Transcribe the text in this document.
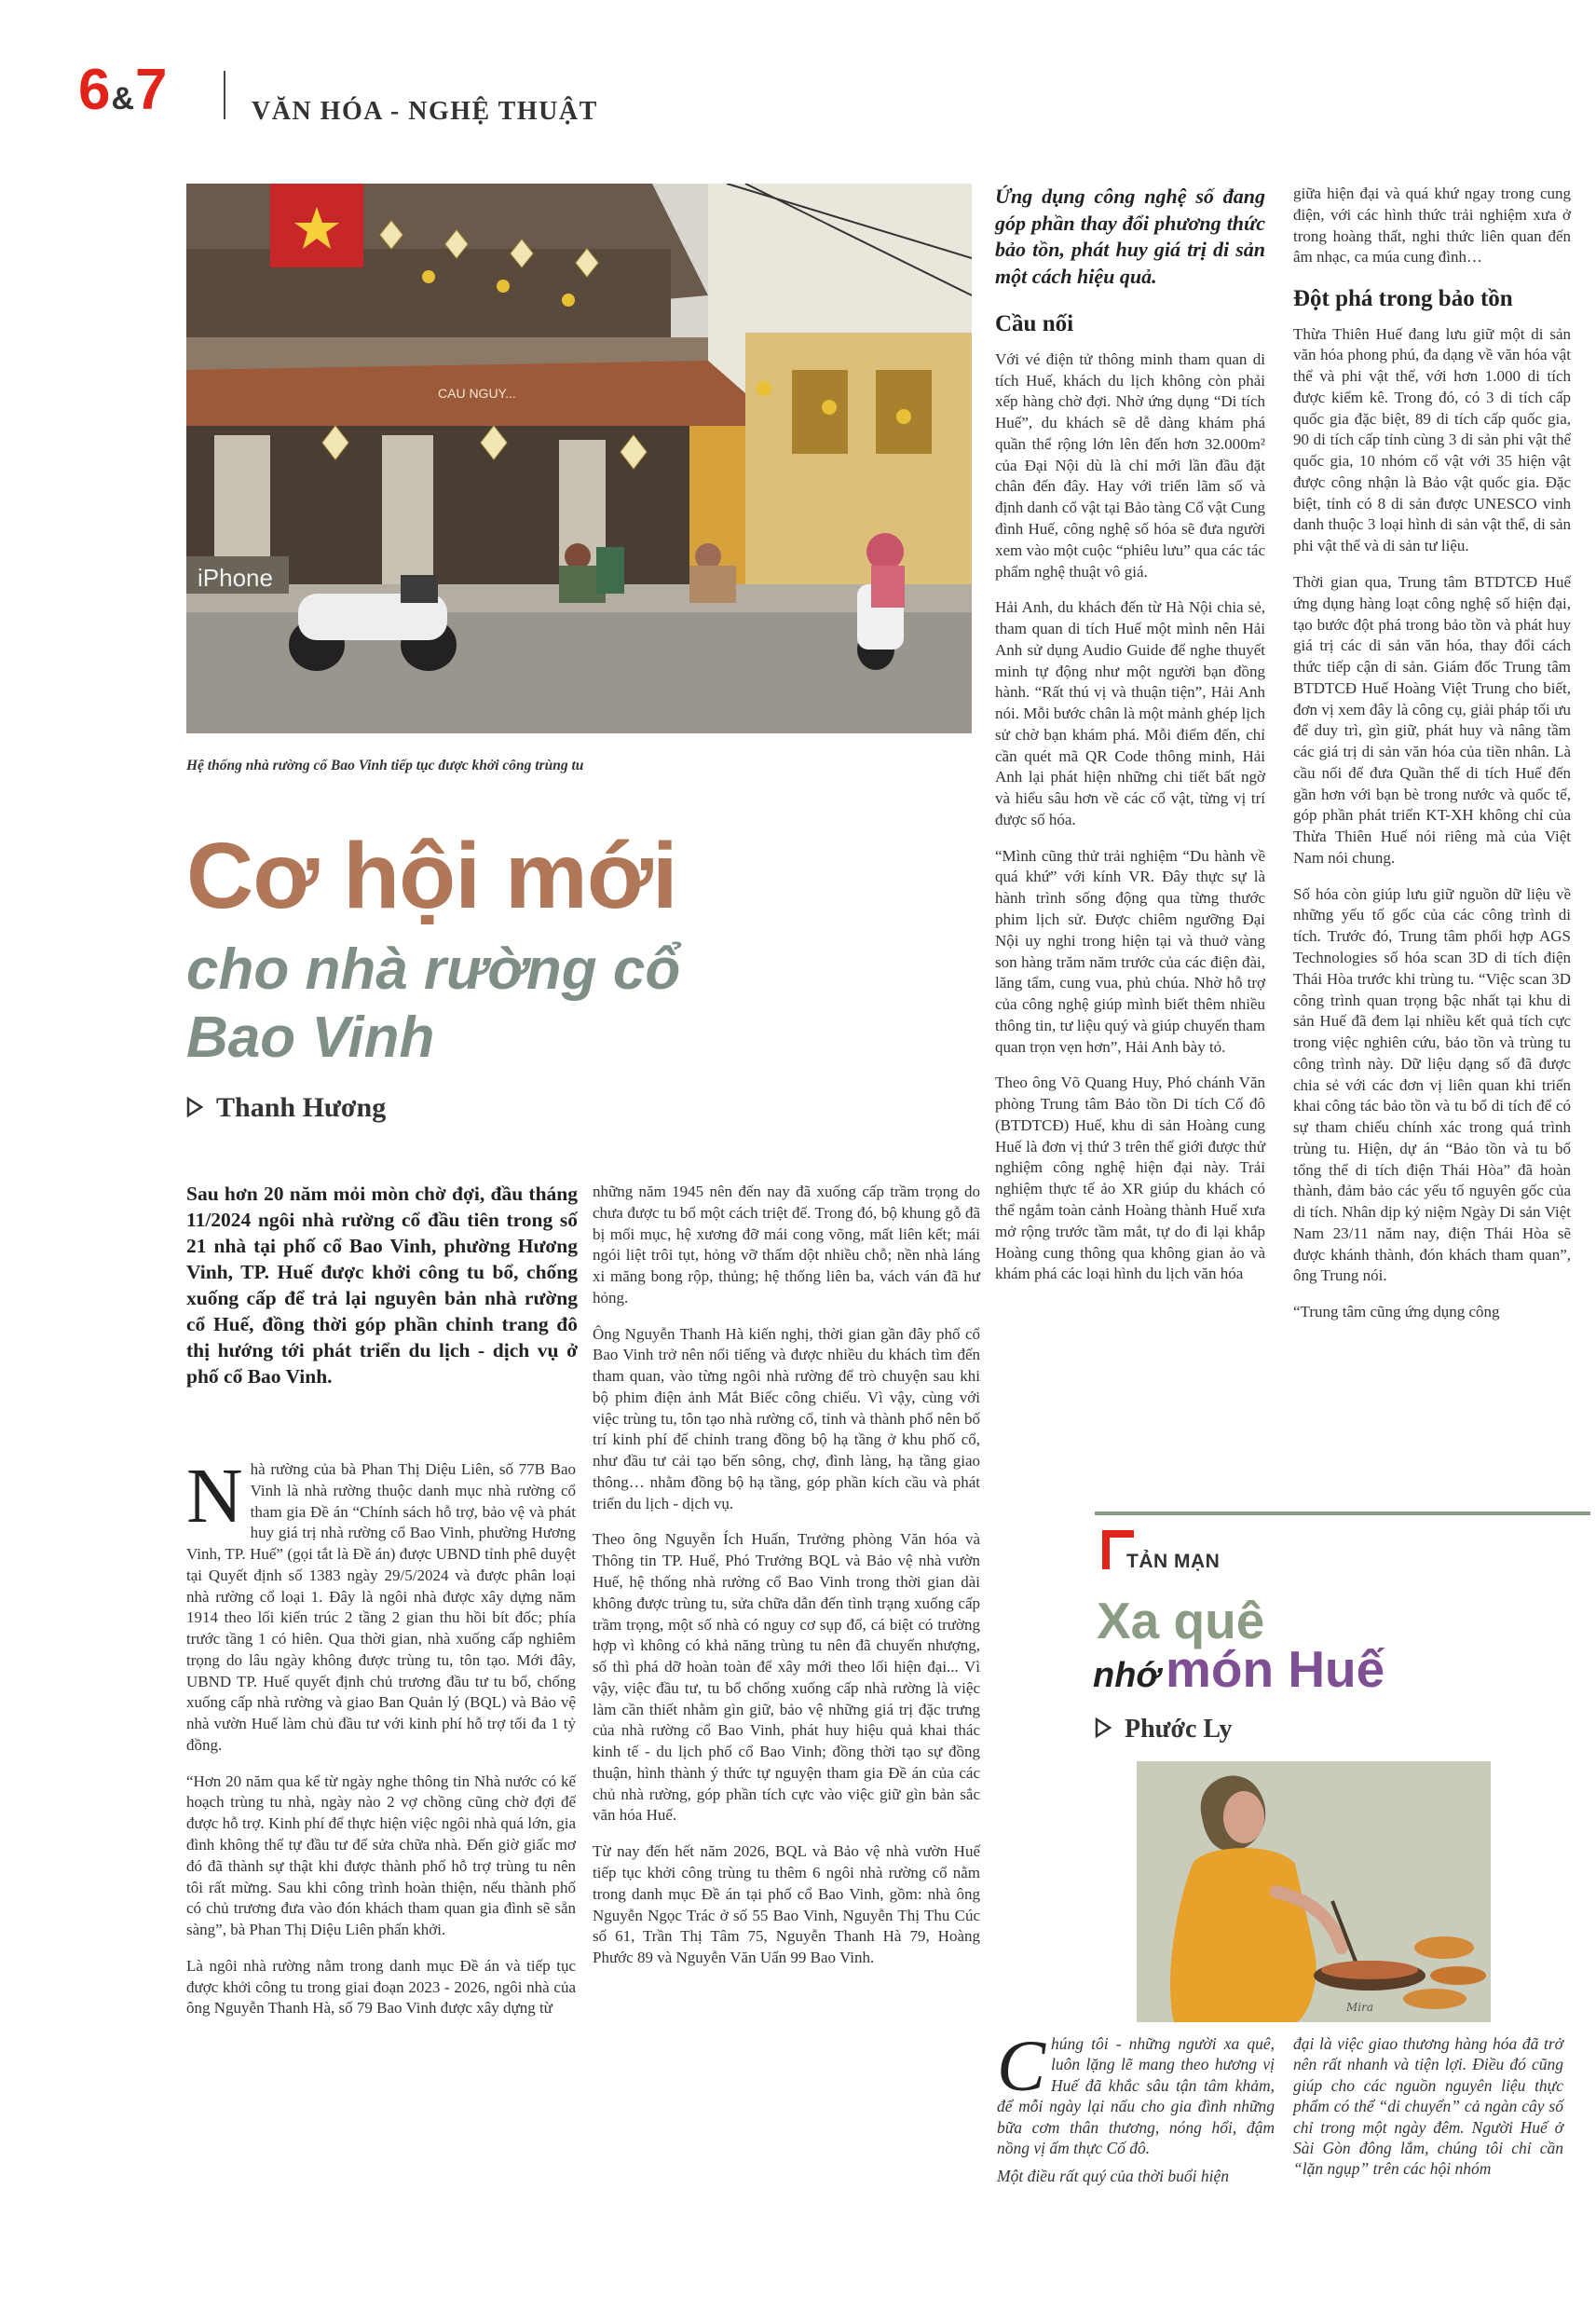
6&7	VĂN HÓA - NGHỆ THUẬT
iPhone
CAU NGUY...
Hệ thống nhà rường cổ Bao Vinh tiếp tục được khởi công trùng tu
Cơ hội mới
cho nhà rường cổ
Bao Vinh
Thanh Hương
Sau hơn 20 năm mỏi mòn chờ đợi, đầu tháng 11/2024 ngôi nhà rường cổ đầu tiên trong số 21 nhà tại phố cổ Bao Vinh, phường Hương Vinh, TP. Huế được khởi công tu bổ, chống xuống cấp để trả lại nguyên bản nhà rường cổ Huế, đồng thời góp phần chỉnh trang đô thị hướng tới phát triển du lịch - dịch vụ ở phố cổ Bao Vinh.

Nhà rường của bà Phan Thị Diệu Liên, số 77B Bao Vinh là nhà rường thuộc danh mục nhà rường cổ tham gia Đề án “Chính sách hỗ trợ, bảo vệ và phát huy giá trị nhà rường cổ Bao Vinh, phường Hương Vinh, TP. Huế” (gọi tắt là Đề án) được UBND tỉnh phê duyệt tại Quyết định số 1383 ngày 29/5/2024 và được phân loại nhà rường cổ loại 1. Đây là ngôi nhà được xây dựng năm 1914 theo lối kiến trúc 2 tầng 2 gian thu hồi bít đốc; phía trước tầng 1 có hiên. Qua thời gian, nhà xuống cấp nghiêm trọng do lâu ngày không được trùng tu, tôn tạo. Mới đây, UBND TP. Huế quyết định chủ trương đầu tư tu bổ, chống xuống cấp nhà rường và giao Ban Quản lý (BQL) và Bảo vệ nhà vườn Huế làm chủ đầu tư với kinh phí hỗ trợ tối đa 1 tỷ đồng.

“Hơn 20 năm qua kể từ ngày nghe thông tin Nhà nước có kế hoạch trùng tu nhà, ngày nào 2 vợ chồng cũng chờ đợi để được hỗ trợ. Kinh phí để thực hiện việc ngôi nhà quá lớn, gia đình không thể tự đầu tư để sửa chữa nhà. Đến giờ giấc mơ đó đã thành sự thật khi được thành phố hỗ trợ trùng tu nên tôi rất mừng. Sau khi công trình hoàn thiện, nếu thành phố có chủ trương đưa vào đón khách tham quan gia đình sẽ sẵn sàng”, bà Phan Thị Diệu Liên phấn khởi.

Là ngôi nhà rường nằm trong danh mục Đề án và tiếp tục được khởi công tu trong giai đoạn 2023 - 2026, ngôi nhà của ông Nguyễn Thanh Hà, số 79 Bao Vinh được xây dựng từ

những năm 1945 nên đến nay đã xuống cấp trầm trọng do chưa được tu bổ một cách triệt để. Trong đó, bộ khung gỗ đã bị mối mục, hệ xương đỡ mái cong võng, mất liên kết; mái ngói liệt trôi tụt, hỏng vỡ thấm dột nhiều chỗ; nền nhà láng xi măng bong rộp, thủng; hệ thống liên ba, vách ván đã hư hỏng.

Ông Nguyễn Thanh Hà kiến nghị, thời gian gần đây phố cổ Bao Vinh trở nên nổi tiếng và được nhiều du khách tìm đến tham quan, vào từng ngôi nhà rường để trò chuyện sau khi bộ phim điện ảnh Mắt Biếc công chiếu. Vì vậy, cùng với việc trùng tu, tôn tạo nhà rường cổ, tỉnh và thành phố nên bố trí kinh phí để chỉnh trang đồng bộ hạ tầng ở khu phố cổ, như đầu tư cải tạo bến sông, chợ, đình làng, hạ tầng giao thông… nhằm đồng bộ hạ tầng, góp phần kích cầu và phát triển du lịch - dịch vụ.

Theo ông Nguyễn Ích Huấn, Trưởng phòng Văn hóa và Thông tin TP. Huế, Phó Trưởng BQL và Bảo vệ nhà vườn Huế, hệ thống nhà rường cổ Bao Vinh trong thời gian dài không được trùng tu, sửa chữa dẫn đến tình trạng xuống cấp trầm trọng, một số nhà có nguy cơ sụp đổ, cá biệt có trường hợp vì không có khả năng trùng tu nên đã chuyển nhượng, số thì phá dỡ hoàn toàn để xây mới theo lối hiện đại... Vì vậy, việc đầu tư, tu bổ chống xuống cấp nhà rường là việc làm cần thiết nhằm gìn giữ, bảo vệ những giá trị đặc trưng của nhà rường cổ Bao Vinh, phát huy hiệu quả khai thác kinh tế - du lịch phố cổ Bao Vinh; đồng thời tạo sự đồng thuận, hình thành ý thức tự nguyện tham gia Đề án của các chủ nhà rường, góp phần tích cực vào việc giữ gìn bản sắc văn hóa Huế.

Từ nay đến hết năm 2026, BQL và Bảo vệ nhà vườn Huế tiếp tục khởi công trùng tu thêm 6 ngôi nhà rường cổ nằm trong danh mục Đề án tại phố cổ Bao Vinh, gồm: nhà ông Nguyễn Ngọc Trác ở số 55 Bao Vinh, Nguyễn Thị Thu Cúc số 61, Trần Thị Tâm 75, Nguyễn Thanh Hà 79, Hoàng Phước 89 và Nguyễn Văn Uẩn 99 Bao Vinh.

Ứng dụng công nghệ số đang góp phần thay đổi phương thức bảo tồn, phát huy giá trị di sản một cách hiệu quả.
Cầu nối

Với vé điện tử thông minh tham quan di tích Huế, khách du lịch không còn phải xếp hàng chờ đợi. Nhờ ứng dụng “Di tích Huế”, du khách sẽ dễ dàng khám phá quần thể rộng lớn lên đến hơn 32.000m² của Đại Nội dù là chỉ mới lần đầu đặt chân đến đây. Hay với triển lãm số và định danh cổ vật tại Bảo tàng Cổ vật Cung đình Huế, công nghệ số hóa sẽ đưa người xem vào một cuộc “phiêu lưu” qua các tác phẩm nghệ thuật vô giá.

Hải Anh, du khách đến từ Hà Nội chia sẻ, tham quan di tích Huế một mình nên Hải Anh sử dụng Audio Guide để nghe thuyết minh tự động như một người bạn đồng hành. “Rất thú vị và thuận tiện”, Hải Anh nói. Mỗi bước chân là một mảnh ghép lịch sử chờ bạn khám phá. Mỗi điểm đến, chỉ cần quét mã QR Code thông minh, Hải Anh lại phát hiện những chi tiết bất ngờ và hiểu sâu hơn về các cổ vật, từng vị trí được số hóa.

“Mình cũng thử trải nghiệm “Du hành về quá khứ” với kính VR. Đây thực sự là hành trình sống động qua từng thước phim lịch sử. Được chiêm ngưỡng Đại Nội uy nghi trong hiện tại và thuở vàng son hàng trăm năm trước của các điện đài, lăng tẩm, cung vua, phủ chúa. Nhờ hỗ trợ của công nghệ giúp mình biết thêm nhiều thông tin, tư liệu quý và giúp chuyến tham quan trọn vẹn hơn”, Hải Anh bày tỏ.

Theo ông Võ Quang Huy, Phó chánh Văn phòng Trung tâm Bảo tồn Di tích Cố đô (BTDTCĐ) Huế, khu di sản Hoàng cung Huế là đơn vị thứ 3 trên thế giới được thử nghiệm công nghệ hiện đại này. Trải nghiệm thực tế ảo XR giúp du khách có thể ngắm toàn cảnh Hoàng thành Huế xưa mở rộng trước tầm mắt, tự do đi lại khắp Hoàng cung thông qua không gian ảo và khám phá các loại hình du lịch văn hóa

giữa hiện đại và quá khứ ngay trong cung điện, với các hình thức trải nghiệm xưa ở trong hoàng thất, nghi thức liên quan đến âm nhạc, ca múa cung đình…

Đột phá trong bảo tồn

Thừa Thiên Huế đang lưu giữ một di sản văn hóa phong phú, đa dạng về văn hóa vật thể và phi vật thể, với hơn 1.000 di tích được kiểm kê. Trong đó, có 3 di tích cấp quốc gia đặc biệt, 89 di tích cấp quốc gia, 90 di tích cấp tỉnh cùng 3 di sản phi vật thể quốc gia, 10 nhóm cổ vật với 35 hiện vật được công nhận là Bảo vật quốc gia. Đặc biệt, tỉnh có 8 di sản được UNESCO vinh danh thuộc 3 loại hình di sản vật thể, di sản phi vật thể và di sản tư liệu.

Thời gian qua, Trung tâm BTDTCĐ Huế ứng dụng hàng loạt công nghệ số hiện đại, tạo bước đột phá trong bảo tồn và phát huy giá trị các di sản văn hóa, thay đổi cách thức tiếp cận di sản. Giám đốc Trung tâm BTDTCĐ Huế Hoàng Việt Trung cho biết, đơn vị xem đây là công cụ, giải pháp tối ưu để duy trì, gìn giữ, phát huy và nâng tầm các giá trị di sản văn hóa của tiền nhân. Là cầu nối để đưa Quần thể di tích Huế đến gần hơn với bạn bè trong nước và quốc tế, góp phần phát triển KT-XH không chỉ của Thừa Thiên Huế nói riêng mà của Việt Nam nói chung.

Số hóa còn giúp lưu giữ nguồn dữ liệu về những yếu tố gốc của các công trình di tích. Trước đó, Trung tâm phối hợp AGS Technologies số hóa scan 3D di tích điện Thái Hòa trước khi trùng tu. “Việc scan 3D công trình quan trọng bậc nhất tại khu di sản Huế đã đem lại nhiều kết quả tích cực trong việc nghiên cứu, bảo tồn và trùng tu công trình này. Dữ liệu dạng số đã được chia sẻ với các đơn vị liên quan khi triển khai công tác bảo tồn và tu bổ di tích để có sự tham chiếu chính xác trong quá trình trùng tu. Hiện, dự án “Bảo tồn và tu bổ tổng thể di tích điện Thái Hòa” đã hoàn thành, đảm bảo các yếu tố nguyên gốc của di tích. Nhân dịp kỷ niệm Ngày Di sản Việt Nam 23/11 năm nay, điện Thái Hòa sẽ được khánh thành, đón khách tham quan”, ông Trung nói.

“Trung tâm cũng ứng dụng công

TẢN MẠN
Xa quê
nhớ món Huế
Phước Ly
Mira

Chúng tôi - những người xa quê, luôn lặng lẽ mang theo hương vị Huế đã khắc sâu tận tâm khảm, để mỗi ngày lại nấu cho gia đình những bữa cơm thân thương, nóng hổi, đậm nồng vị ấm thực Cố đô.

Một điều rất quý của thời buổi hiện

đại là việc giao thương hàng hóa đã trở nên rất nhanh và tiện lợi. Điều đó cũng giúp cho các nguồn nguyên liệu thực phẩm có thể “di chuyển” cả ngàn cây số chỉ trong một ngày đêm. Người Huế ở Sài Gòn đông lắm, chúng tôi chỉ cần “lặn ngụp” trên các hội nhóm
